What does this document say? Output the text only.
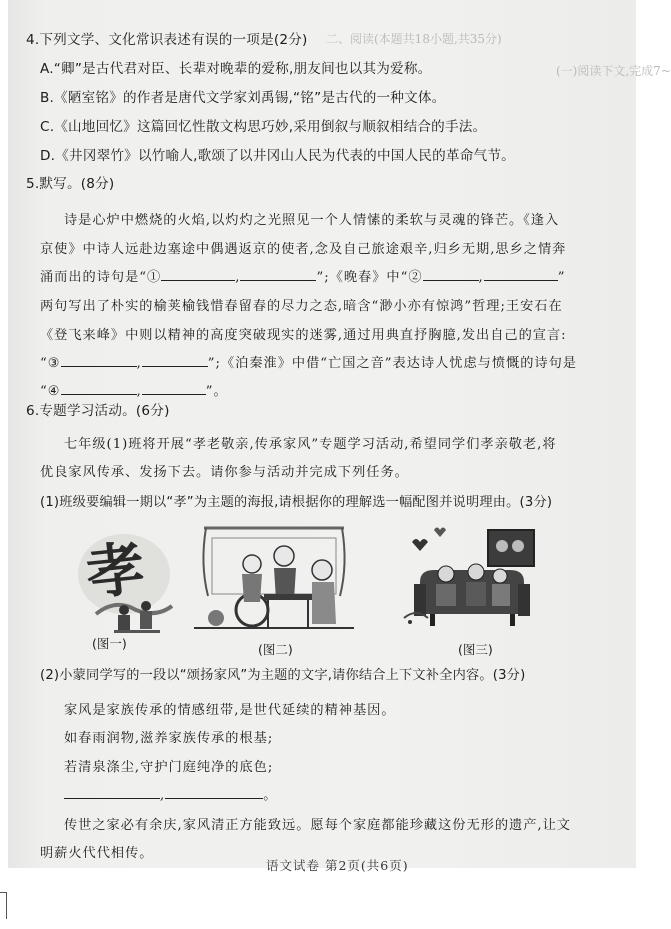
二、阅读(本题共18小题,共35分)
(一)阅读下文,完成7~
4.下列文学、文化常识表述有误的一项是(2分)
A.“卿”是古代君对臣、长辈对晚辈的爱称,朋友间也以其为爱称。
B.《陋室铭》的作者是唐代文学家刘禹锡,“铭”是古代的一种文体。
C.《山地回忆》这篇回忆性散文构思巧妙,采用倒叙与顺叙相结合的手法。
D.《井冈翠竹》以竹喻人,歌颂了以井冈山人民为代表的中国人民的革命气节。
5.默写。(8分)
诗是心炉中燃烧的火焰,以灼灼之光照见一个人情愫的柔软与灵魂的锋芒。《逢入
京使》中诗人远赴边塞途中偶遇返京的使者,念及自己旅途艰辛,归乡无期,思乡之情奔
涌而出的诗句是“①	,	”;《晚春》中“②	,	”
两句写出了朴实的榆荚榆钱惜春留春的尽力之态,暗含“渺小亦有惊鸿”哲理;王安石在
《登飞来峰》中则以精神的高度突破现实的迷雾,通过用典直抒胸臆,发出自己的宣言:
“③	,	”;《泊秦淮》中借“亡国之音”表达诗人忧虑与愤慨的诗句是
“④	,	”。
6.专题学习活动。(6分)
七年级(1)班将开展“孝老敬亲,传承家风”专题学习活动,希望同学们孝亲敬老,将
优良家风传承、发扬下去。请你参与活动并完成下列任务。
(1)班级要编辑一期以“孝”为主题的海报,请根据你的理解选一幅配图并说明理由。(3分)
孝
(图一)	(图二)	(图三)
(2)小蒙同学写的一段以“颂扬家风”为主题的文字,请你结合上下文补全内容。(3分)
家风是家族传承的情感纽带,是世代延续的精神基因。
如春雨润物,滋养家族传承的根基;
若清泉涤尘,守护门庭纯净的底色;
,	。
传世之家必有余庆,家风清正方能致远。愿每个家庭都能珍藏这份无形的遗产,让文
明薪火代代相传。
语文试卷 第2页(共6页)
